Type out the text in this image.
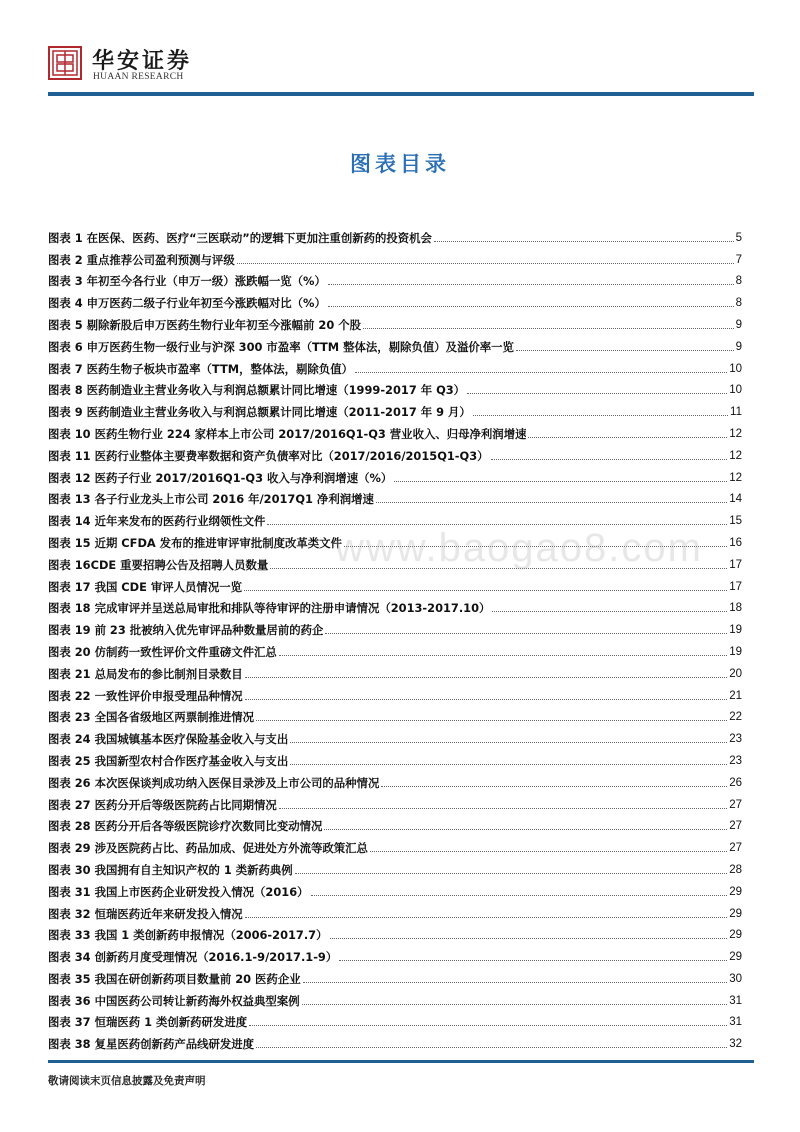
华安证券
HUAAN RESEARCH
图表目录
图表 1 在医保、医药、医疗“三医联动”的逻辑下更加注重创新药的投资机会	5
图表 2 重点推荐公司盈利预测与评级	7
图表 3 年初至今各行业（申万一级）涨跌幅一览（%）	8
图表 4 申万医药二级子行业年初至今涨跌幅对比（%）	8
图表 5 剔除新股后申万医药生物行业年初至今涨幅前 20 个股	9
图表 6 申万医药生物一级行业与沪深 300 市盈率（TTM 整体法，剔除负值）及溢价率一览	9
图表 7 医药生物子板块市盈率（TTM，整体法，剔除负值）	10
图表 8 医药制造业主营业务收入与利润总额累计同比增速（1999-2017 年 Q3）	10
图表 9 医药制造业主营业务收入与利润总额累计同比增速（2011-2017 年 9 月）	11
图表 10 医药生物行业 224 家样本上市公司 2017/2016Q1-Q3 营业收入、归母净利润增速	12
图表 11 医药行业整体主要费率数据和资产负债率对比（2017/2016/2015Q1-Q3）	12
图表 12 医药子行业 2017/2016Q1-Q3 收入与净利润增速（%）	12
图表 13 各子行业龙头上市公司 2016 年/2017Q1 净利润增速	14
图表 14 近年来发布的医药行业纲领性文件	15
图表 15 近期 CFDA 发布的推进审评审批制度改革类文件	16
图表 16CDE 重要招聘公告及招聘人员数量	17
图表 17 我国 CDE 审评人员情况一览	17
图表 18 完成审评并呈送总局审批和排队等待审评的注册申请情况（2013-2017.10）	18
图表 19 前 23 批被纳入优先审评品种数量居前的药企	19
图表 20 仿制药一致性评价文件重磅文件汇总	19
图表 21 总局发布的参比制剂目录数目	20
图表 22 一致性评价申报受理品种情况	21
图表 23 全国各省级地区两票制推进情况	22
图表 24 我国城镇基本医疗保险基金收入与支出	23
图表 25 我国新型农村合作医疗基金收入与支出	23
图表 26 本次医保谈判成功纳入医保目录涉及上市公司的品种情况	26
图表 27 医药分开后等级医院药占比同期情况	27
图表 28 医药分开后各等级医院诊疗次数同比变动情况	27
图表 29 涉及医院药占比、药品加成、促进处方外流等政策汇总	27
图表 30 我国拥有自主知识产权的 1 类新药典例	28
图表 31 我国上市医药企业研发投入情况（2016）	29
图表 32 恒瑞医药近年来研发投入情况	29
图表 33 我国 1 类创新药申报情况（2006-2017.7）	29
图表 34 创新药月度受理情况（2016.1-9/2017.1-9）	29
图表 35 我国在研创新药项目数量前 20 医药企业	30
图表 36 中国医药公司转让新药海外权益典型案例	31
图表 37 恒瑞医药 1 类创新药研发进度	31
图表 38 复星医药创新药产品线研发进度	32
www.baogao8.com
敬请阅读末页信息披露及免责声明
